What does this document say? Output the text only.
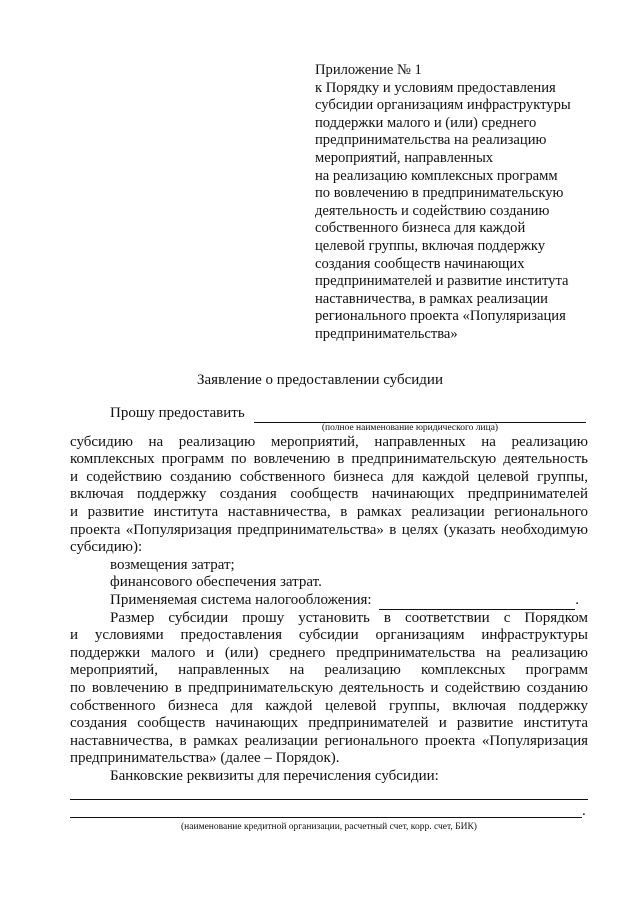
Приложение № 1
к Порядку и условиям предоставления
субсидии организациям инфраструктуры
поддержки малого и (или) среднего
предпринимательства на реализацию
мероприятий, направленных
на реализацию комплексных программ
по вовлечению в предпринимательскую
деятельность и содействию созданию
собственного бизнеса для каждой
целевой группы, включая поддержку
создания сообществ начинающих
предпринимателей и развитие института
наставничества, в рамках реализации
регионального проекта «Популяризация
предпринимательства»
Заявление о предоставлении субсидии
Прошу предоставить
(полное наименование юридического лица)
субсидию на реализацию мероприятий, направленных на реализацию
комплексных программ по вовлечению в предпринимательскую деятельность
и содействию созданию собственного бизнеса для каждой целевой группы,
включая поддержку создания сообществ начинающих предпринимателей
и развитие института наставничества, в рамках реализации регионального
проекта «Популяризация предпринимательства» в целях (указать необходимую
субсидию):
возмещения затрат;
финансового обеспечения затрат.
Применяемая система налогообложения:	.
Размер субсидии прошу установить в соответствии с Порядком
и условиями предоставления субсидии организациям инфраструктуры
поддержки малого и (или) среднего предпринимательства на реализацию
мероприятий, направленных на реализацию комплексных программ
по вовлечению в предпринимательскую деятельность и содействию созданию
собственного бизнеса для каждой целевой группы, включая поддержку
создания сообществ начинающих предпринимателей и развитие института
наставничества, в рамках реализации регионального проекта «Популяризация
предпринимательства» (далее – Порядок).
Банковские реквизиты для перечисления субсидии:
.
(наименование кредитной организации, расчетный счет, корр. счет, БИК)
